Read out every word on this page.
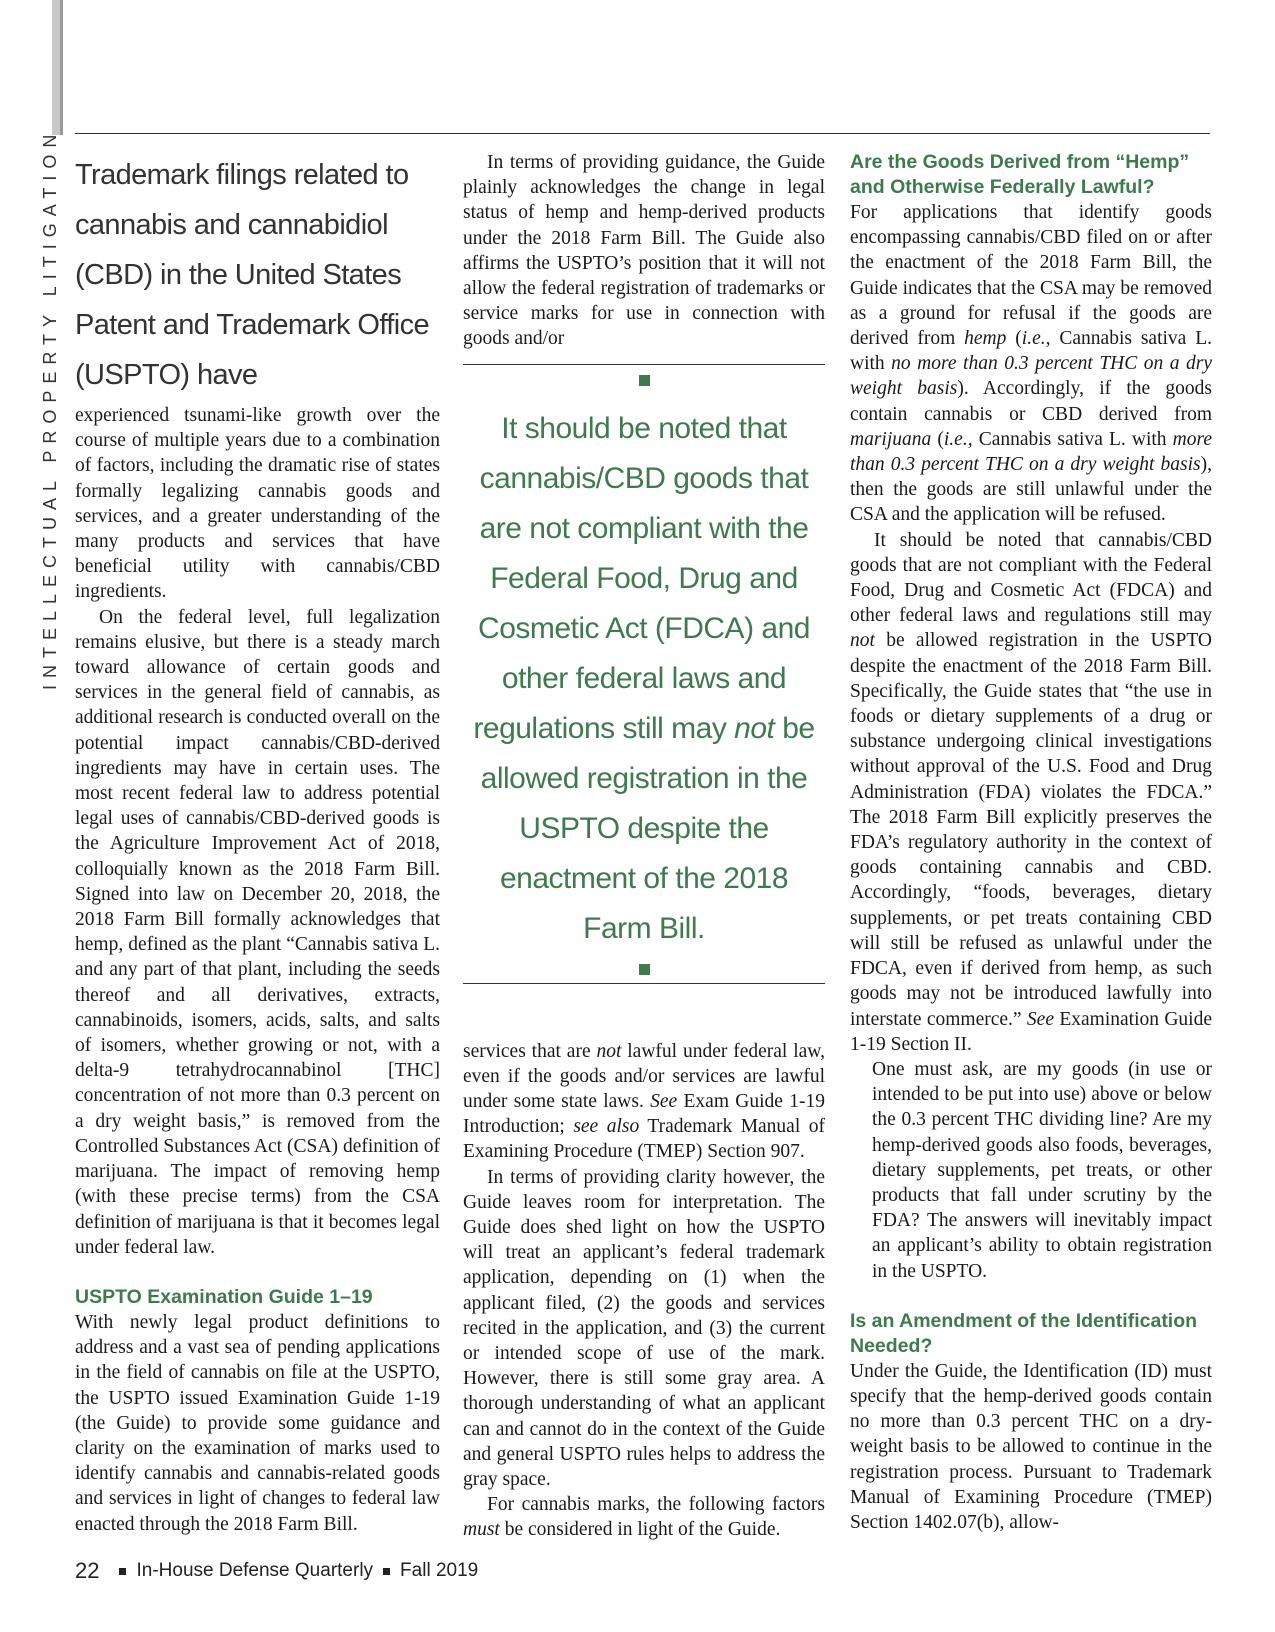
INTELLECTUAL PROPERTY LITIGATION Trademark filings related to cannabis and cannabidiol (CBD) in the United States Patent and Trademark Office (USPTO) have

experienced tsunami-like growth over the course of multiple years due to a combination of factors, including the dramatic rise of states formally legalizing cannabis goods and services, and a greater understanding of the many products and services that have beneficial utility with cannabis/CBD ingredients.

On the federal level, full legalization remains elusive, but there is a steady march toward allowance of certain goods and services in the general field of cannabis, as additional research is conducted overall on the potential impact cannabis/CBD-derived ingredients may have in certain uses. The most recent federal law to address potential legal uses of cannabis/CBD-derived goods is the Agriculture Improvement Act of 2018, colloquially known as the 2018 Farm Bill. Signed into law on December 20, 2018, the 2018 Farm Bill formally acknowledges that hemp, defined as the plant “Cannabis sativa L. and any part of that plant, including the seeds thereof and all derivatives, extracts, cannabinoids, isomers, acids, salts, and salts of isomers, whether growing or not, with a delta-9 tetrahydrocannabinol [THC] concentration of not more than 0.3 percent on a dry weight basis,” is removed from the Controlled Substances Act (CSA) definition of marijuana. The impact of removing hemp (with these precise terms) from the CSA definition of marijuana is that it becomes legal under federal law.

USPTO Examination Guide 1–19

With newly legal product definitions to address and a vast sea of pending applications in the field of cannabis on file at the USPTO, the USPTO issued Examination Guide 1-19 (the Guide) to provide some guidance and clarity on the examination of marks used to identify cannabis and cannabis-related goods and services in light of changes to federal law enacted through the 2018 Farm Bill.

In terms of providing guidance, the Guide plainly acknowledges the change in legal status of hemp and hemp-derived products under the 2018 Farm Bill. The Guide also affirms the USPTO’s position that it will not allow the federal registration of trademarks or service marks for use in connection with goods and/or

It should be noted that cannabis/CBD goods that are not compliant with the Federal Food, Drug and Cosmetic Act (FDCA) and other federal laws and regulations still may not be allowed registration in the USPTO despite the enactment of the 2018 Farm Bill.

services that are not lawful under federal law, even if the goods and/or services are lawful under some state laws. See Exam Guide 1-19 Introduction; see also Trademark Manual of Examining Procedure (TMEP) Section 907.

In terms of providing clarity however, the Guide leaves room for interpretation. The Guide does shed light on how the USPTO will treat an applicant’s federal trademark application, depending on (1) when the applicant filed, (2) the goods and services recited in the application, and (3) the current or intended scope of use of the mark. However, there is still some gray area. A thorough understanding of what an applicant can and cannot do in the context of the Guide and general USPTO rules helps to address the gray space.

For cannabis marks, the following factors must be considered in light of the Guide.

Are the Goods Derived from “Hemp” and Otherwise Federally Lawful?

For applications that identify goods encompassing cannabis/CBD filed on or after the enactment of the 2018 Farm Bill, the Guide indicates that the CSA may be removed as a ground for refusal if the goods are derived from hemp (i.e., Cannabis sativa L. with no more than 0.3 percent THC on a dry weight basis). Accordingly, if the goods contain cannabis or CBD derived from marijuana (i.e., Cannabis sativa L. with more than 0.3 percent THC on a dry weight basis), then the goods are still unlawful under the CSA and the application will be refused.

It should be noted that cannabis/CBD goods that are not compliant with the Federal Food, Drug and Cosmetic Act (FDCA) and other federal laws and regulations still may not be allowed registration in the USPTO despite the enactment of the 2018 Farm Bill. Specifically, the Guide states that “the use in foods or dietary supplements of a drug or substance undergoing clinical investigations without approval of the U.S. Food and Drug Administration (FDA) violates the FDCA.” The 2018 Farm Bill explicitly preserves the FDA’s regulatory authority in the context of goods containing cannabis and CBD. Accordingly, “foods, beverages, dietary supplements, or pet treats containing CBD will still be refused as unlawful under the FDCA, even if derived from hemp, as such goods may not be introduced lawfully into interstate commerce.” See Examination Guide 1-19 Section II.

One must ask, are my goods (in use or intended to be put into use) above or below the 0.3 percent THC dividing line? Are my hemp-derived goods also foods, beverages, dietary supplements, pet treats, or other products that fall under scrutiny by the FDA? The answers will inevitably impact an applicant’s ability to obtain registration in the USPTO.

Is an Amendment of the Identification Needed?

Under the Guide, the Identification (ID) must specify that the hemp-derived goods contain no more than 0.3 percent THC on a dry-weight basis to be allowed to continue in the registration process. Pursuant to Trademark Manual of Examining Procedure (TMEP) Section 1402.07(b), allow-

22 In-House Defense Quarterly Fall 2019
